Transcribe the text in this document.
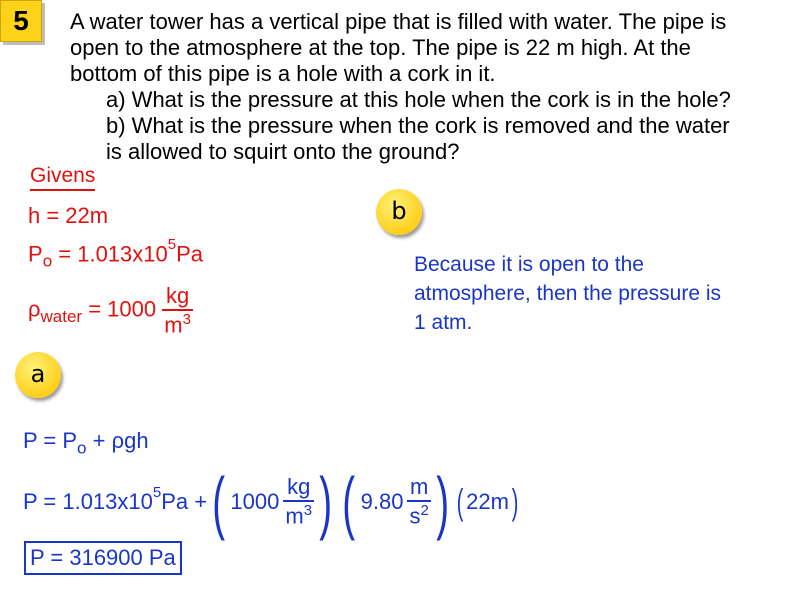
5	A water tower has a vertical pipe that is filled with water. The pipe is
open to the atmosphere at the top. The pipe is 22 m high. At the
bottom of this pipe is a hole with a cork in it.
a) What is the pressure at this hole when the cork is in the hole?
b) What is the pressure when the cork is removed and the water
is allowed to squirt onto the ground?
Givens
h = 22m
$P_o = 1.013x10^5Pa$
$\rho_{water} = 1000 \frac{kg}{m^3}$
b
Because it is open to the
atmosphere, then the pressure is
1 atm.
a
$P = P_o + \rho gh$
$P = 1.013x10^5$ Pa + ( $1000 \frac{kg}{m^3}$ ) ( $9.80 \frac{m}{s^2}$ ) ( 22m )
P = 316900 Pa
